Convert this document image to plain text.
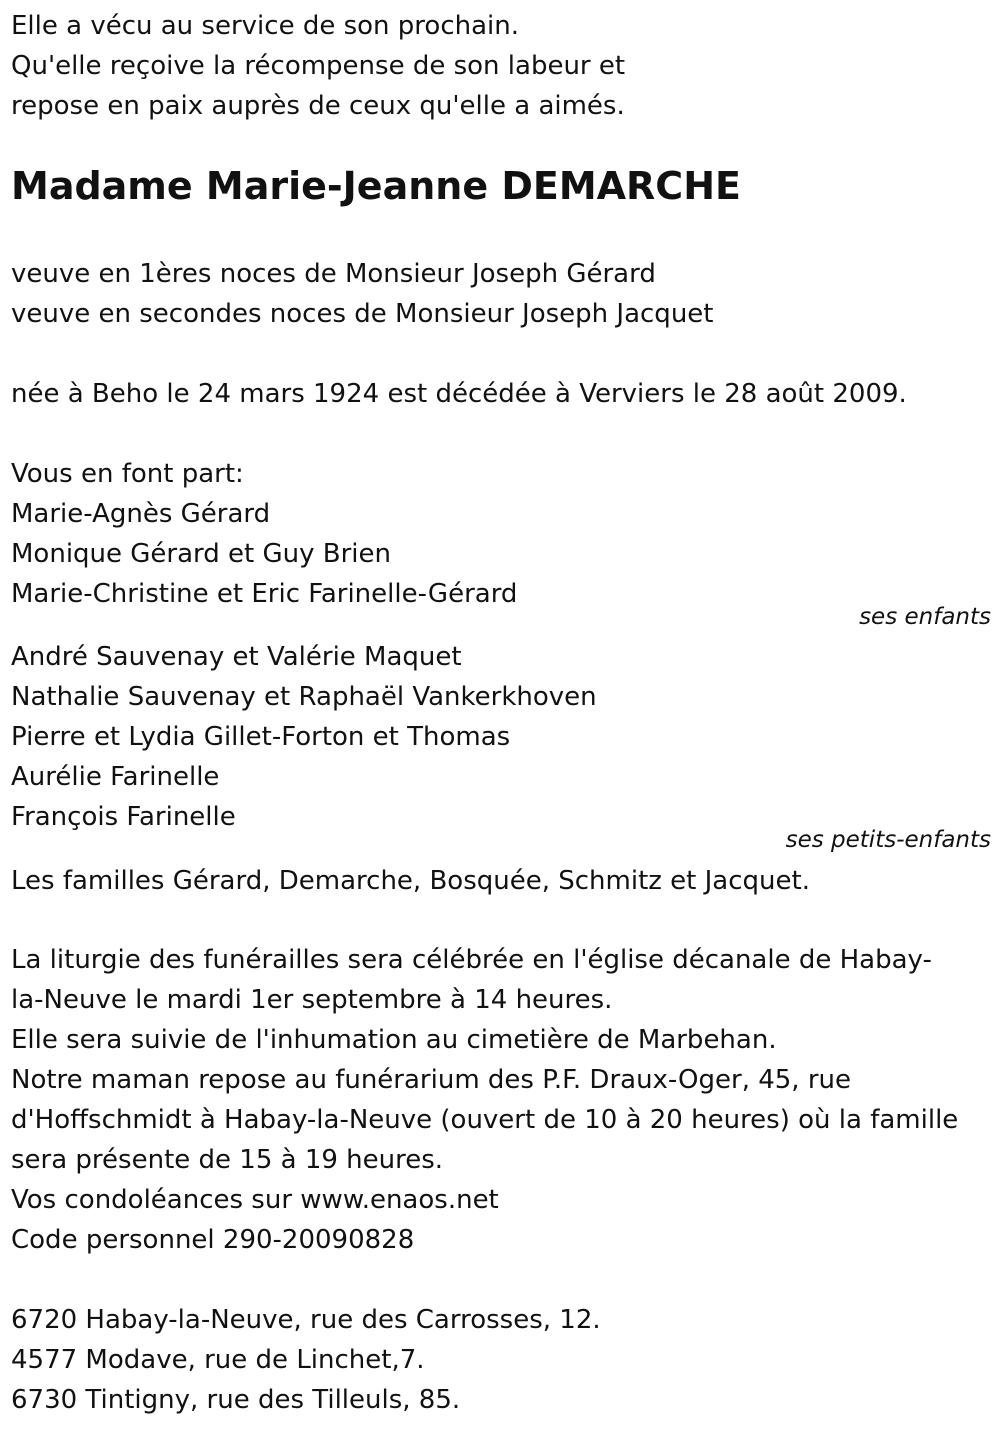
Elle a vécu au service de son prochain.
Qu'elle reçoive la récompense de son labeur et
repose en paix auprès de ceux qu'elle a aimés.
Madame Marie-Jeanne DEMARCHE
veuve en 1ères noces de Monsieur Joseph Gérard
veuve en secondes noces de Monsieur Joseph Jacquet
née à Beho le 24 mars 1924 est décédée à Verviers le 28 août 2009.
Vous en font part:
Marie-Agnès Gérard
Monique Gérard et Guy Brien
Marie-Christine et Eric Farinelle-Gérard
ses enfants
André Sauvenay et Valérie Maquet
Nathalie Sauvenay et Raphaël Vankerkhoven
Pierre et Lydia Gillet-Forton et Thomas
Aurélie Farinelle
François Farinelle
ses petits-enfants
Les familles Gérard, Demarche, Bosquée, Schmitz et Jacquet.
La liturgie des funérailles sera célébrée en l'église décanale de Habay-
la-Neuve le mardi 1er septembre à 14 heures.
Elle sera suivie de l'inhumation au cimetière de Marbehan.
Notre maman repose au funérarium des P.F. Draux-Oger, 45, rue
d'Hoffschmidt à Habay-la-Neuve (ouvert de 10 à 20 heures) où la famille
sera présente de 15 à 19 heures.
Vos condoléances sur www.enaos.net
Code personnel 290-20090828
6720 Habay-la-Neuve, rue des Carrosses, 12.
4577 Modave, rue de Linchet,7.
6730 Tintigny, rue des Tilleuls, 85.
